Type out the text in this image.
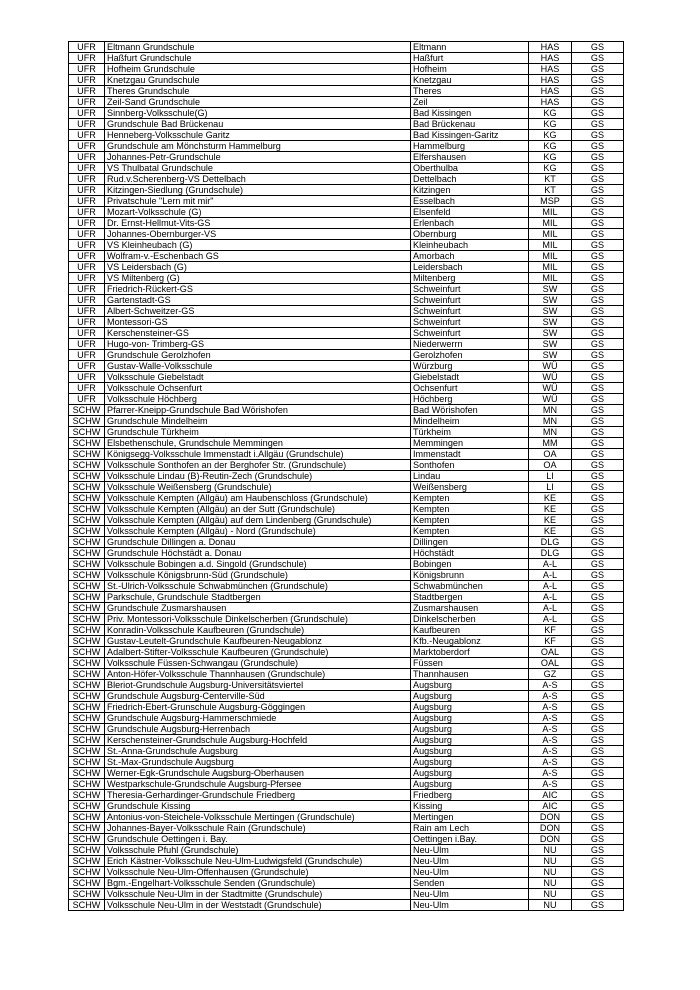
UFR	Eltmann Grundschule	Eltmann	HAS	GS
UFR	Haßfurt Grundschule	Haßfurt	HAS	GS
UFR	Hofheim Grundschule	Hofheim	HAS	GS
UFR	Knetzgau Grundschule	Knetzgau	HAS	GS
UFR	Theres Grundschule	Theres	HAS	GS
UFR	Zeil-Sand Grundschule	Zeil	HAS	GS
UFR	Sinnberg-Volksschule(G)	Bad Kissingen	KG	GS
UFR	Grundschule Bad Brückenau	Bad Brückenau	KG	GS
UFR	Henneberg-Volksschule Garitz	Bad Kissingen-Garitz	KG	GS
UFR	Grundschule am Mönchsturm Hammelburg	Hammelburg	KG	GS
UFR	Johannes-Petr-Grundschule	Elfershausen	KG	GS
UFR	VS Thulbatal Grundschule	Oberthulba	KG	GS
UFR	Rud.v.Scherenberg-VS Dettelbach	Dettelbach	KT	GS
UFR	Kitzingen-Siedlung (Grundschule)	Kitzingen	KT	GS
UFR	Privatschule "Lern mit mir"	Esselbach	MSP	GS
UFR	Mozart-Volksschule (G)	Elsenfeld	MIL	GS
UFR	Dr. Ernst-Hellmut-Vits-GS	Erlenbach	MIL	GS
UFR	Johannes-Obernburger-VS	Obernburg	MIL	GS
UFR	VS Kleinheubach (G)	Kleinheubach	MIL	GS
UFR	Wolfram-v.-Eschenbach GS	Amorbach	MIL	GS
UFR	VS Leidersbach (G)	Leidersbach	MIL	GS
UFR	VS Miltenberg (G)	Miltenberg	MIL	GS
UFR	Friedrich-Rückert-GS	Schweinfurt	SW	GS
UFR	Gartenstadt-GS	Schweinfurt	SW	GS
UFR	Albert-Schweitzer-GS	Schweinfurt	SW	GS
UFR	Montessori-GS	Schweinfurt	SW	GS
UFR	Kerschensteiner-GS	Schweinfurt	SW	GS
UFR	Hugo-von- Trimberg-GS	Niederwerrn	SW	GS
UFR	Grundschule Gerolzhofen	Gerolzhofen	SW	GS
UFR	Gustav-Walle-Volksschule	Würzburg	WÜ	GS
UFR	Volksschule Giebelstadt	Giebelstadt	WÜ	GS
UFR	Volksschule Ochsenfurt	Ochsenfurt	WÜ	GS
UFR	Volksschule Höchberg	Höchberg	WÜ	GS
SCHW	Pfarrer-Kneipp-Grundschule Bad Wörishofen	Bad Wörishofen	MN	GS
SCHW	Grundschule Mindelheim	Mindelheim	MN	GS
SCHW	Grundschule Türkheim	Türkheim	MN	GS
SCHW	Elsbethenschule, Grundschule Memmingen	Memmingen	MM	GS
SCHW	Königsegg-Volksschule Immenstadt i.Allgäu (Grundschule)	Immenstadt	OA	GS
SCHW	Volksschule Sonthofen an der Berghofer Str. (Grundschule)	Sonthofen	OA	GS
SCHW	Volksschule Lindau (B)-Reutin-Zech (Grundschule)	Lindau	LI	GS
SCHW	Volksschule Weißensberg (Grundschule)	Weißensberg	LI	GS
SCHW	Volksschule Kempten (Allgäu) am Haubenschloss (Grundschule)	Kempten	KE	GS
SCHW	Volksschule Kempten (Allgäu) an der Sutt (Grundschule)	Kempten	KE	GS
SCHW	Volksschule Kempten (Allgäu) auf dem Lindenberg (Grundschule)	Kempten	KE	GS
SCHW	Volksschule Kempten (Allgäu) - Nord (Grundschule)	Kempten	KE	GS
SCHW	Grundschule Dillingen a. Donau	Dillingen	DLG	GS
SCHW	Grundschule Höchstädt a. Donau	Höchstädt	DLG	GS
SCHW	Volksschule Bobingen a.d. Singold (Grundschule)	Bobingen	A-L	GS
SCHW	Volksschule Königsbrunn-Süd (Grundschule)	Königsbrunn	A-L	GS
SCHW	St.-Ulrich-Volksschule Schwabmünchen (Grundschule)	Schwabmünchen	A-L	GS
SCHW	Parkschule, Grundschule Stadtbergen	Stadtbergen	A-L	GS
SCHW	Grundschule Zusmarshausen	Zusmarshausen	A-L	GS
SCHW	Priv. Montessori-Volksschule Dinkelscherben (Grundschule)	Dinkelscherben	A-L	GS
SCHW	Konradin-Volksschule Kaufbeuren (Grundschule)	Kaufbeuren	KF	GS
SCHW	Gustav-Leutelt-Grundschule Kaufbeuren-Neugablonz	Kfb.-Neugablonz	KF	GS
SCHW	Adalbert-Stifter-Volksschule Kaufbeuren (Grundschule)	Marktoberdorf	OAL	GS
SCHW	Volksschule Füssen-Schwangau (Grundschule)	Füssen	OAL	GS
SCHW	Anton-Höfer-Volksschule Thannhausen (Grundschule)	Thannhausen	GZ	GS
SCHW	Bleriot-Grundschule Augsburg-Universitätsviertel	Augsburg	A-S	GS
SCHW	Grundschule Augsburg-Centerville-Süd	Augsburg	A-S	GS
SCHW	Friedrich-Ebert-Grunschule Augsburg-Göggingen	Augsburg	A-S	GS
SCHW	Grundschule Augsburg-Hammerschmiede	Augsburg	A-S	GS
SCHW	Grundschule Augsburg-Herrenbach	Augsburg	A-S	GS
SCHW	Kerschensteiner-Grundschule Augsburg-Hochfeld	Augsburg	A-S	GS
SCHW	St.-Anna-Grundschule Augsburg	Augsburg	A-S	GS
SCHW	St.-Max-Grundschule Augsburg	Augsburg	A-S	GS
SCHW	Werner-Egk-Grundschule Augsburg-Oberhausen	Augsburg	A-S	GS
SCHW	Westparkschule-Grundschule Augsburg-Pfersee	Augsburg	A-S	GS
SCHW	Theresia-Gerhardinger-Grundschule Friedberg	Friedberg	AIC	GS
SCHW	Grundschule Kissing	Kissing	AIC	GS
SCHW	Antonius-von-Steichele-Volksschule Mertingen (Grundschule)	Mertingen	DON	GS
SCHW	Johannes-Bayer-Volksschule Rain (Grundschule)	Rain am Lech	DON	GS
SCHW	Grundschule Oettingen i. Bay.	Oettingen i.Bay.	DON	GS
SCHW	Volksschule Pfuhl (Grundschule)	Neu-Ulm	NU	GS
SCHW	Erich Kästner-Volksschule Neu-Ulm-Ludwigsfeld (Grundschule)	Neu-Ulm	NU	GS
SCHW	Volksschule Neu-Ulm-Offenhausen (Grundschule)	Neu-Ulm	NU	GS
SCHW	Bgm.-Engelhart-Volksschule Senden (Grundschule)	Senden	NU	GS
SCHW	Volksschule Neu-Ulm in der Stadtmitte (Grundschule)	Neu-Ulm	NU	GS
SCHW	Volksschule Neu-Ulm in der Weststadt (Grundschule)	Neu-Ulm	NU	GS
